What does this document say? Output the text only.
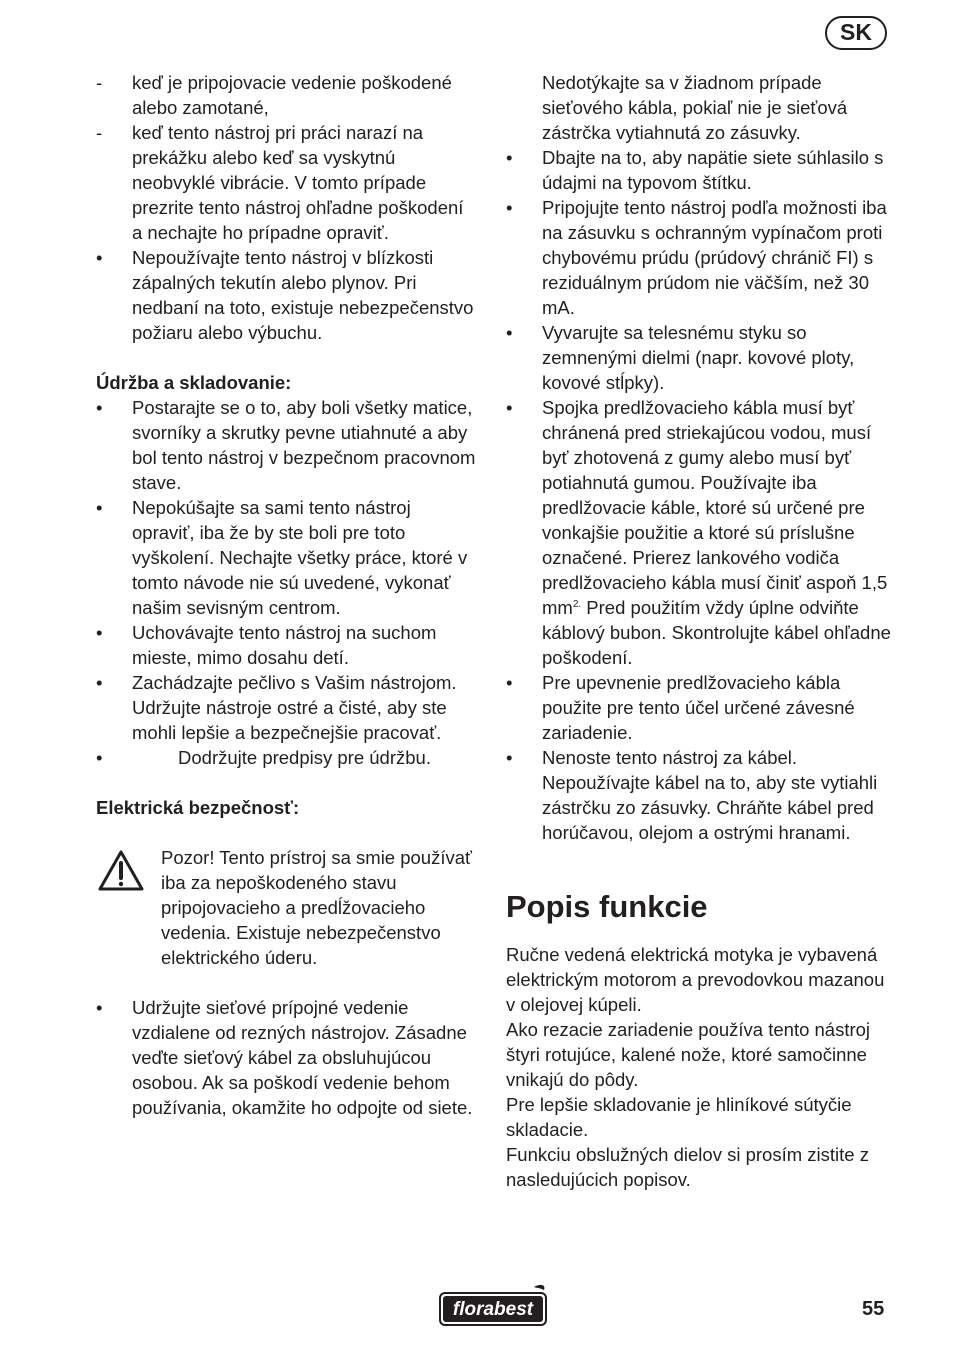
SK
- keď je pripojovacie vedenie poškodené alebo zamotané,
- keď tento nástroj pri práci narazí na prekážku alebo keď sa vyskytnú neobvyklé vibrácie. V tomto prípade prezrite tento nástroj ohľadne poškodení a nechajte ho prípadne opraviť.
• Nepoužívajte tento nástroj v blízkosti zápalných tekutín alebo plynov. Pri nedbaní na toto, existuje nebezpečenstvo požiaru alebo výbuchu.
Údržba a skladovanie:
• Postarajte se o to, aby boli všetky matice, svorníky a skrutky pevne utiahnuté a aby bol tento nástroj v bezpečnom pracovnom stave.
• Nepokúšajte sa sami tento nástroj opraviť, iba že by ste boli pre toto vyškolení. Nechajte všetky práce, ktoré v tomto návode nie sú uvedené, vykonať našim sevisným centrom.
• Uchovávajte tento nástroj na suchom mieste, mimo dosahu detí.
• Zachádzajte pečlivo s Vašim nástrojom. Udržujte nástroje ostré a čisté, aby ste mohli lepšie a bezpečnejšie pracovať.
•	Dodržujte predpisy pre údržbu.
Elektrická bezpečnosť:
Pozor! Tento prístroj sa smie používať iba za nepoškodeného stavu pripojovacieho a predĺžovacieho vedenia. Existuje nebezpečenstvo elektrického úderu.
• Udržujte sieťové prípojné vedenie vzdialene od rezných nástrojov. Zásadne veďte sieťový kábel za obsluhujúcou osobou. Ak sa poškodí vedenie behom používania, okamžite ho odpojte od siete.
Nedotýkajte sa v žiadnom prípade sieťového kábla, pokiaľ nie je sieťová zástrčka vytiahnutá zo zásuvky.
• Dbajte na to, aby napätie siete súhlasilo s údajmi na typovom štítku.
• Pripojujte tento nástroj podľa možnosti iba na zásuvku s ochranným vypínačom proti chybovému prúdu (prúdový chránič FI) s reziduálnym prúdom nie väčším, než 30 mA.
• Vyvarujte sa telesnému styku so zemnenými dielmi (napr. kovové ploty, kovové stĺpky).
• Spojka predlžovacieho kábla musí byť chránená pred striekajúcou vodou, musí byť zhotovená z gumy alebo musí byť potiahnutá gumou. Používajte iba predlžovacie káble, ktoré sú určené pre vonkajšie použitie a ktoré sú príslušne označené. Prierez lankového vodiča predlžovacieho kábla musí činiť aspoň 1,5 $mm^{2.}$ Pred použitím vždy úplne odviňte káblový bubon. Skontrolujte kábel ohľadne poškodení.
• Pre upevnenie predlžovacieho kábla použite pre tento účel určené závesné zariadenie.
• Nenoste tento nástroj za kábel. Nepoužívajte kábel na to, aby ste vytiahli zástrčku zo zásuvky. Chráňte kábel pred horúčavou, olejom a ostrými hranami.
Popis funkcie
Ručne vedená elektrická motyka je vybavená elektrickým motorom a prevodovkou mazanou v olejovej kúpeli.
Ako rezacie zariadenie používa tento nástroj štyri rotujúce, kalené nože, ktoré samočinne vnikajú do pôdy.
Pre lepšie skladovanie je hliníkové sútyčie skladacie.
Funkciu obslužných dielov si prosím zistite z nasledujúcich popisov.
florabest	55
